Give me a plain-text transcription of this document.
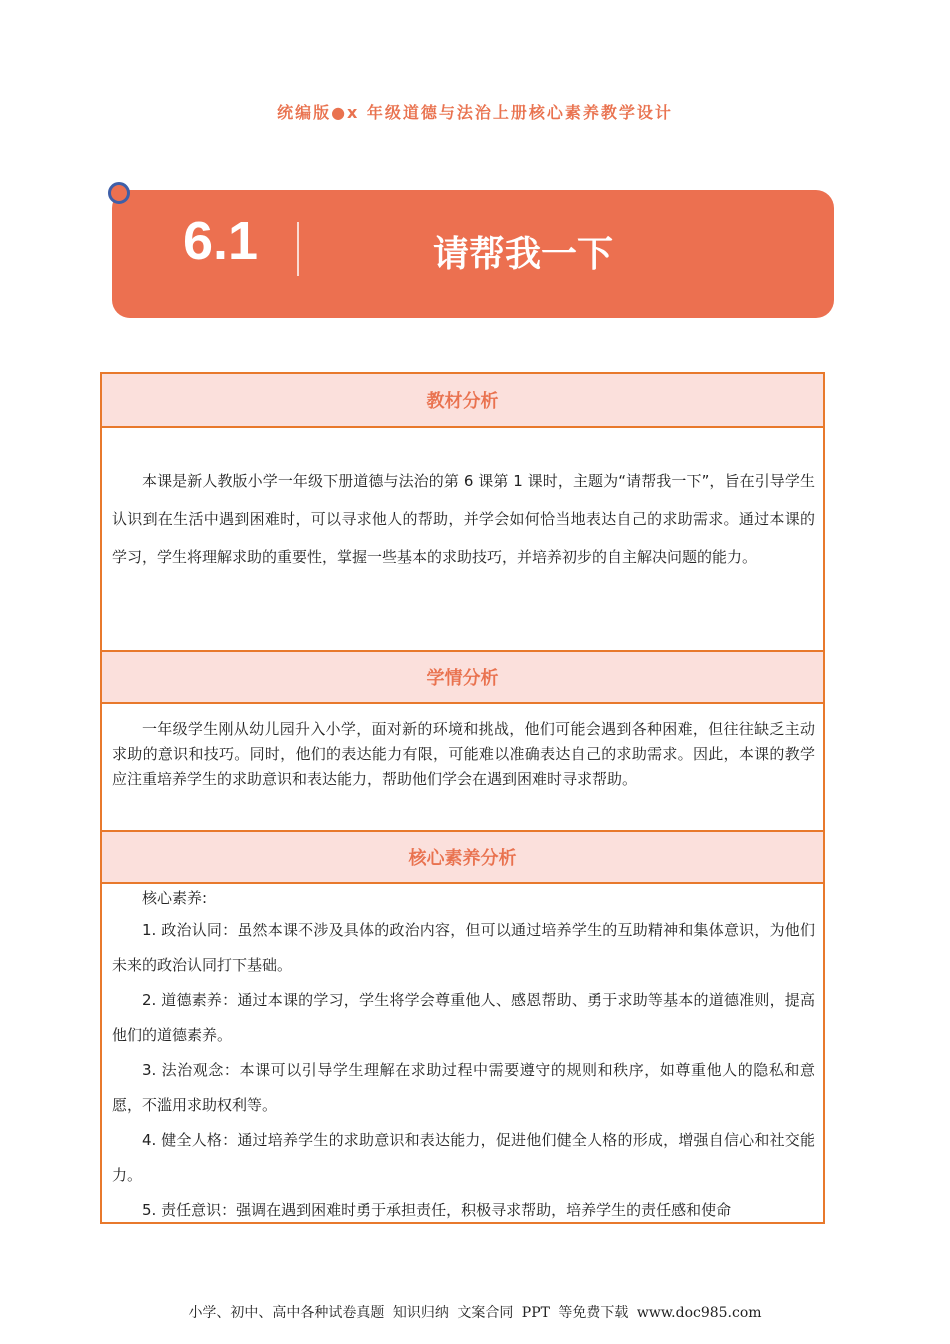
统编版●x 年级道德与法治上册核心素养教学设计
6.1	请帮我一下
教材分析
本课是新人教版小学一年级下册道德与法治的第 6 课第 1 课时，主题为“请帮我一下”，旨在引导学生认识到在生活中遇到困难时，可以寻求他人的帮助，并学会如何恰当地表达自己的求助需求。通过本课的学习，学生将理解求助的重要性，掌握一些基本的求助技巧，并培养初步的自主解决问题的能力。
学情分析
一年级学生刚从幼儿园升入小学，面对新的环境和挑战，他们可能会遇到各种困难，但往往缺乏主动求助的意识和技巧。同时，他们的表达能力有限，可能难以准确表达自己的求助需求。因此，本课的教学应注重培养学生的求助意识和表达能力，帮助他们学会在遇到困难时寻求帮助。
核心素养分析
核心素养:
1. 政治认同：虽然本课不涉及具体的政治内容，但可以通过培养学生的互助精神和集体意识，为他们未来的政治认同打下基础。
2. 道德素养：通过本课的学习，学生将学会尊重他人、感恩帮助、勇于求助等基本的道德准则，提高他们的道德素养。
3. 法治观念：本课可以引导学生理解在求助过程中需要遵守的规则和秩序，如尊重他人的隐私和意愿，不滥用求助权利等。
4. 健全人格：通过培养学生的求助意识和表达能力，促进他们健全人格的形成，增强自信心和社交能力。
5. 责任意识：强调在遇到困难时勇于承担责任，积极寻求帮助，培养学生的责任感和使命
小学、初中、高中各种试卷真题 知识归纳 文案合同 PPT 等免费下载 www.doc985.com
